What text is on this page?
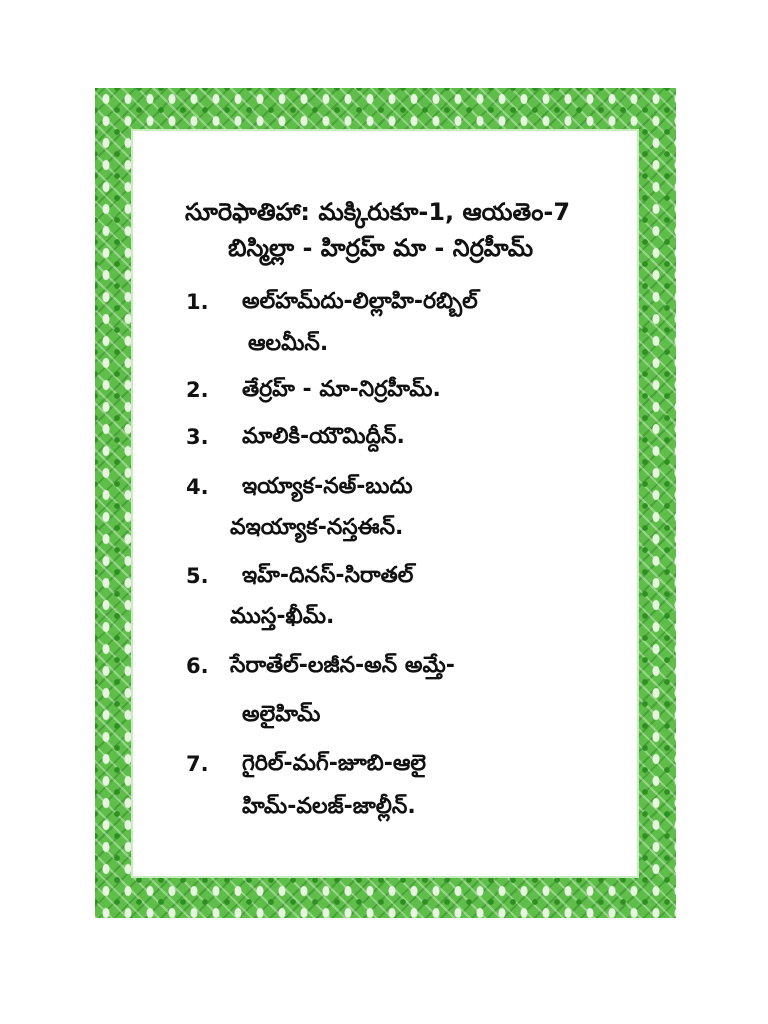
సూరెఫాతిహా: మక్కిరుకూ-1, ఆయతెం-7
బిస్మిల్లా - హిర్రహ్ మా - నిర్రహీమ్
1.	అల్‌హమ్‌దు-లిల్లాహి-రబ్బిల్
ఆలమీన్.
2.	తేర్రహ్ - మా-నిర్రహీమ్.
3.	మాలికి-యౌమిద్దీన్.
4.	ఇయ్యాక-నఅ్-బుదు
వఇయ్యాక-నస్తఈన్.
5.	ఇహ్-దినస్-సిరాతల్
ముస్త-ఖీమ్.
6. సేరాతేల్-లజీన-అన్ అమ్తే-
అలైహిమ్
7.	గైరిల్-మగ్-జూబి-ఆలై
హిమ్-వలజ్-జాల్లీన్.
